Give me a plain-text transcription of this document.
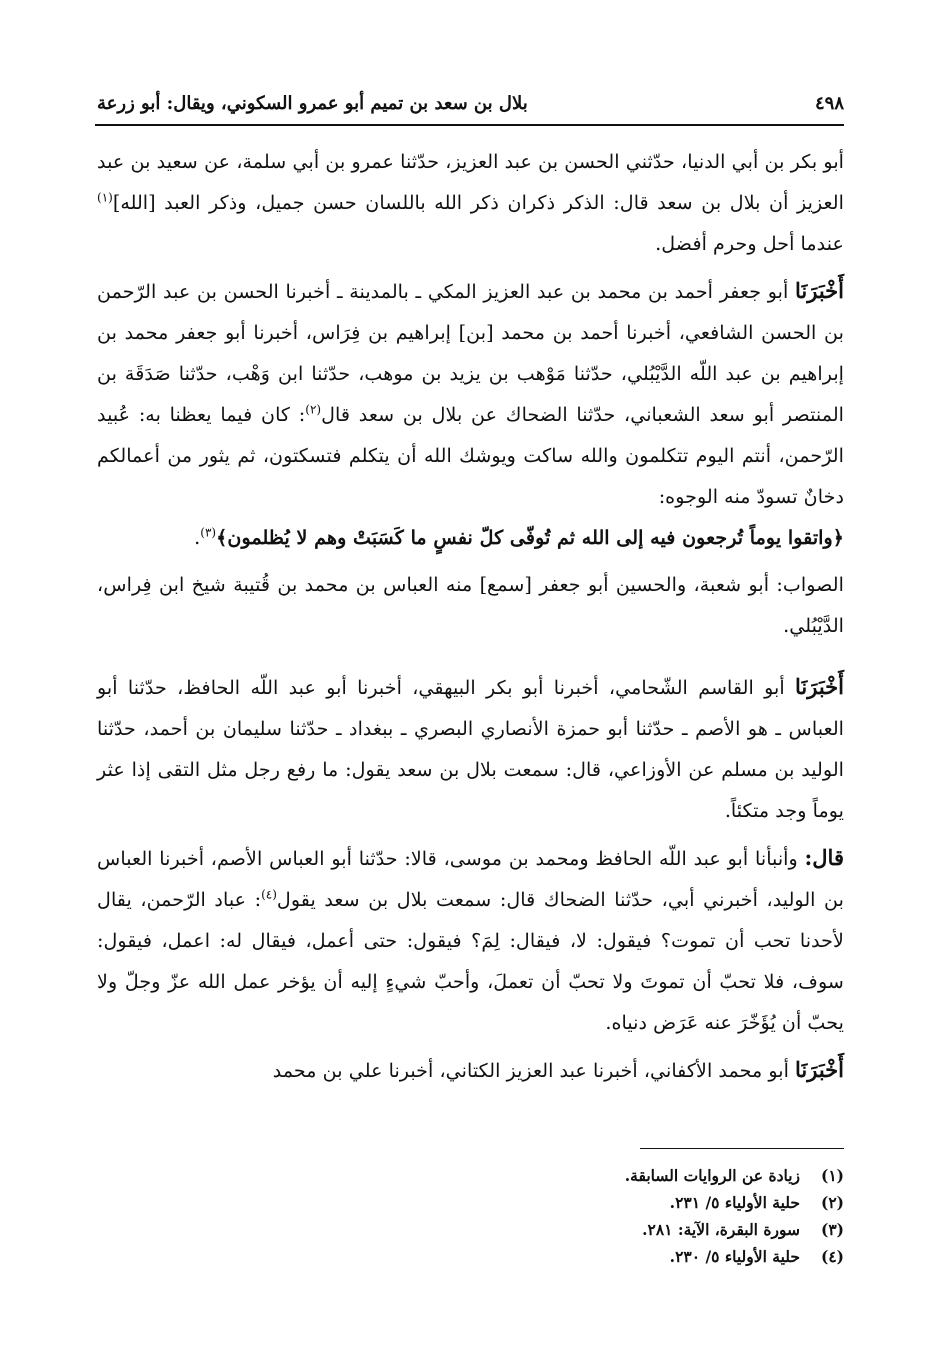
٤٩٨
بلال بن سعد بن تميم أبو عمرو السكوني، ويقال: أبو زرعة

أبو بكر بن أبي الدنيا، حدّثني الحسن بن عبد العزيز، حدّثنا عمرو بن أبي سلمة، عن سعيد بن عبد العزيز أن بلال بن سعد قال: الذكر ذكران ذكر الله باللسان حسن جميل، وذكر العبد [الله]$^{(١)}$ عندما أحل وحرم أفضل.

أَخْبَرَنَا أبو جعفر أحمد بن محمد بن عبد العزيز المكي ـ بالمدينة ـ أخبرنا الحسن بن عبد الرّحمن بن الحسن الشافعي، أخبرنا أحمد بن محمد [بن] إبراهيم بن فِرَاس، أخبرنا أبو جعفر محمد بن إبراهيم بن عبد اللّه الدَّيْبُلي، حدّثنا مَوْهب بن يزيد بن موهب، حدّثنا ابن وَهْب، حدّثنا صَدَقَة بن المنتصر أبو سعد الشعباني، حدّثنا الضحاك عن بلال بن سعد قال$^{(٢)}$: كان فيما يعظنا به: عُبيد الرّحمن، أنتم اليوم تتكلمون والله ساكت ويوشك الله أن يتكلم فتسكتون، ثم يثور من أعمالكم دخانٌ تسودّ منه الوجوه:
﴿واتقوا يوماً تُرجعون فيه إلى الله ثم تُوفّى كلّ نفسٍ ما كَسَبَتْ وهم لا يُظلمون﴾$^{(٣)}$.

الصواب: أبو شعبة، والحسين أبو جعفر [سمع] منه العباس بن محمد بن قُتيبة شيخ ابن فِراس، الدَّيْبُلي.

أَخْبَرَنَا أبو القاسم الشّحامي، أخبرنا أبو بكر البيهقي، أخبرنا أبو عبد اللّه الحافظ، حدّثنا أبو العباس ـ هو الأصم ـ حدّثنا أبو حمزة الأنصاري البصري ـ ببغداد ـ حدّثنا سليمان بن أحمد، حدّثنا الوليد بن مسلم عن الأوزاعي، قال: سمعت بلال بن سعد يقول: ما رفع رجل مثل التقى إذا عثر يوماً وجد متكئاً.

قال: وأنبأنا أبو عبد اللّه الحافظ ومحمد بن موسى، قالا: حدّثنا أبو العباس الأصم، أخبرنا العباس بن الوليد، أخبرني أبي، حدّثنا الضحاك قال: سمعت بلال بن سعد يقول$^{(٤)}$: عباد الرّحمن، يقال لأحدنا تحب أن تموت؟ فيقول: لا، فيقال: لِمَ؟ فيقول: حتى أعمل، فيقال له: اعمل، فيقول: سوف، فلا تحبّ أن تموتَ ولا تحبّ أن تعملَ، وأحبّ شيءٍ إليه أن يؤخر عمل الله عزّ وجلّ ولا يحبّ أن يُؤَخّرَ عنه عَرَض دنياه.

أَخْبَرَنَا أبو محمد الأكفاني، أخبرنا عبد العزيز الكتاني، أخبرنا علي بن محمد

(١)
زيادة عن الروايات السابقة.
(٢)
حلية الأولياء ٥/ ٢٣١.
(٣)
سورة البقرة، الآية: ٢٨١.
(٤)
حلية الأولياء ٥/ ٢٣٠.
